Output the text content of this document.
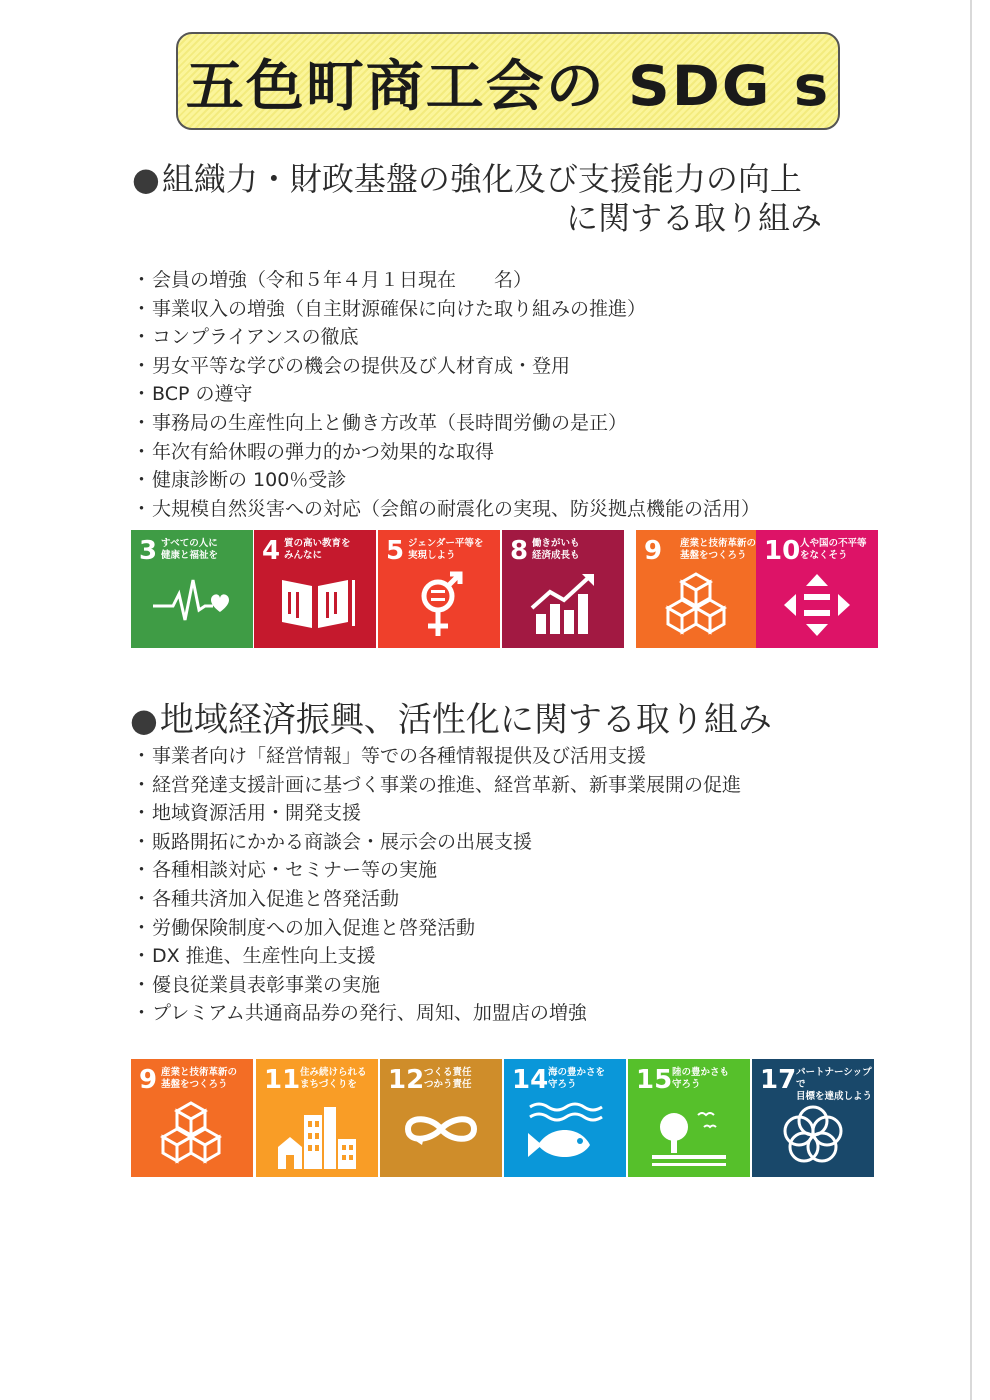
五色町商工会の SDG s
●組織力・財政基盤の強化及び支援能力の向上
に関する取り組み
・会員の増強（令和５年４月１日現在　　名）
・事業収入の増強（自主財源確保に向けた取り組みの推進）
・コンプライアンスの徹底
・男女平等な学びの機会の提供及び人材育成・登用
・BCP の遵守
・事務局の生産性向上と働き方改革（長時間労働の是正）
・年次有給休暇の弾力的かつ効果的な取得
・健康診断の 100％受診
・大規模自然災害への対応（会館の耐震化の実現、防災拠点機能の活用）
3 すべての人に
健康と福祉を 4 質の高い教育を
みんなに	5 ジェンダー平等を
実現しよう	8 働きがいも
経済成長も 9 産業と技術革新の
基盤をつくろう 10 人や国の不平等
をなくそう
●地域経済振興、活性化に関する取り組み
・事業者向け「経営情報」等での各種情報提供及び活用支援
・経営発達支援計画に基づく事業の推進、経営革新、新事業展開の促進
・地域資源活用・開発支援
・販路開拓にかかる商談会・展示会の出展支援
・各種相談対応・セミナー等の実施
・各種共済加入促進と啓発活動
・労働保険制度への加入促進と啓発活動
・DX 推進、生産性向上支援
・優良従業員表彰事業の実施
・プレミアム共通商品券の発行、周知、加盟店の増強
9 産業と技術革新の
基盤をつくろう	11 住み続けられる
まちづくりを	12 つくる責任
つかう責任 14 海の豊かさを
守ろう	15 陸の豊かさも
守ろう	17 パートナーシップで
目標を達成しよう
